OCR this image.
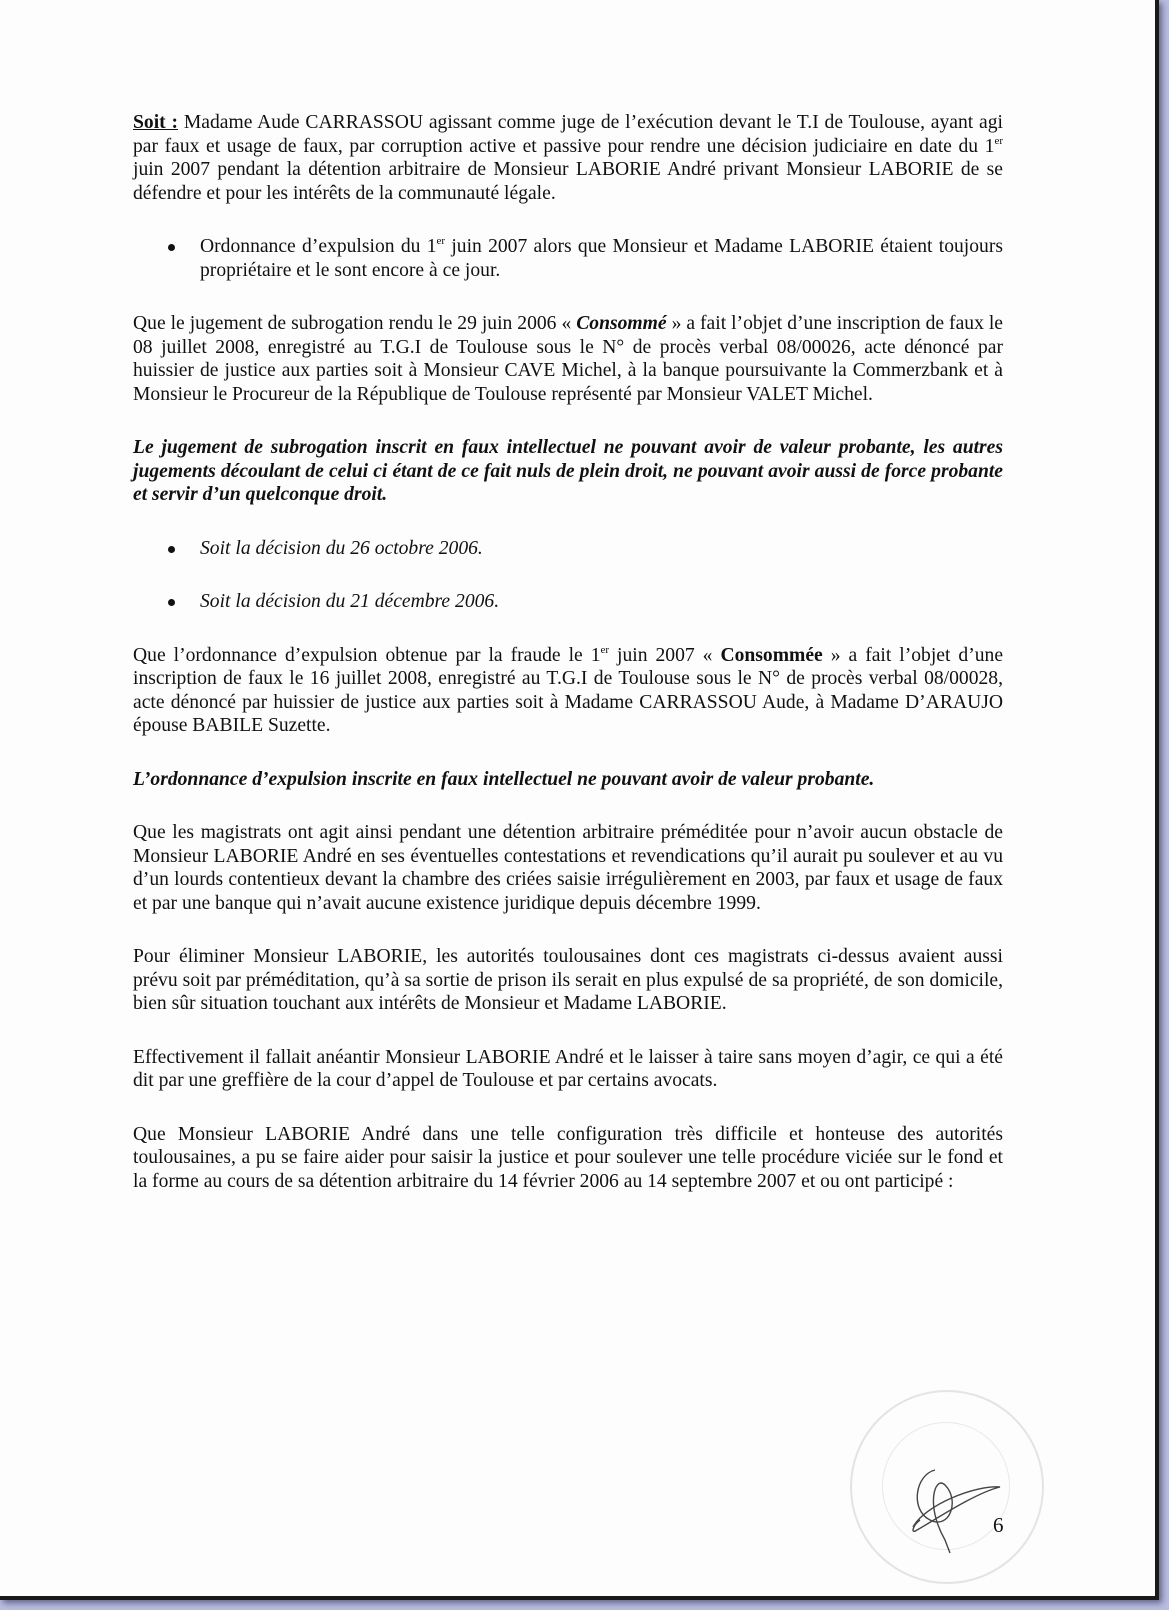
Soit : Madame Aude CARRASSOU agissant comme juge de l’exécution devant le T.I de Toulouse, ayant agi par faux et usage de faux, par corruption active et passive pour rendre une décision judiciaire en date du 1er juin 2007 pendant la détention arbitraire de Monsieur LABORIE André privant Monsieur LABORIE de se défendre et pour les intérêts de la communauté légale.

Ordonnance d’expulsion du 1er juin 2007 alors que Monsieur et Madame LABORIE étaient toujours propriétaire et le sont encore à ce jour.

Que le jugement de subrogation rendu le 29 juin 2006 « Consommé » a fait l’objet d’une inscription de faux le 08 juillet 2008, enregistré au T.G.I de Toulouse sous le N° de procès verbal 08/00026, acte dénoncé par huissier de justice aux parties soit à Monsieur CAVE Michel, à la banque poursuivante la Commerzbank et à Monsieur le Procureur de la République de Toulouse représenté par Monsieur VALET Michel.

Le jugement de subrogation inscrit en faux intellectuel ne pouvant avoir de valeur probante, les autres jugements découlant de celui ci étant de ce fait nuls de plein droit, ne pouvant avoir aussi de force probante et servir d’un quelconque droit.

Soit la décision du 26 octobre 2006.

Soit la décision du 21 décembre 2006.

Que l’ordonnance d’expulsion obtenue par la fraude le 1er juin 2007 « Consommée » a fait l’objet d’une inscription de faux le 16 juillet 2008, enregistré au T.G.I de Toulouse sous le N° de procès verbal 08/00028, acte dénoncé par huissier de justice aux parties soit à Madame CARRASSOU Aude, à Madame D’ARAUJO épouse BABILE Suzette.

L’ordonnance d’expulsion inscrite en faux intellectuel ne pouvant avoir de valeur probante.

Que les magistrats ont agit ainsi pendant une détention arbitraire préméditée pour n’avoir aucun obstacle de Monsieur LABORIE André en ses éventuelles contestations et revendications qu’il aurait pu soulever et au vu d’un lourds contentieux devant la chambre des criées saisie irrégulièrement en 2003, par faux et usage de faux et par une banque qui n’avait aucune existence juridique depuis décembre 1999.

Pour éliminer Monsieur LABORIE, les autorités toulousaines dont ces magistrats ci-dessus avaient aussi prévu soit par préméditation, qu’à sa sortie de prison ils serait en plus expulsé de sa propriété, de son domicile, bien sûr situation touchant aux intérêts de Monsieur et Madame LABORIE.

Effectivement il fallait anéantir Monsieur LABORIE André et le laisser à taire sans moyen d’agir, ce qui a été dit par une greffière de la cour d’appel de Toulouse et par certains avocats.

Que Monsieur LABORIE André dans une telle configuration très difficile et honteuse des autorités toulousaines, a pu se faire aider pour saisir la justice et pour soulever une telle procédure viciée sur le fond et la forme au cours de sa détention arbitraire du 14 février 2006 au 14 septembre 2007 et ou ont participé :

6
